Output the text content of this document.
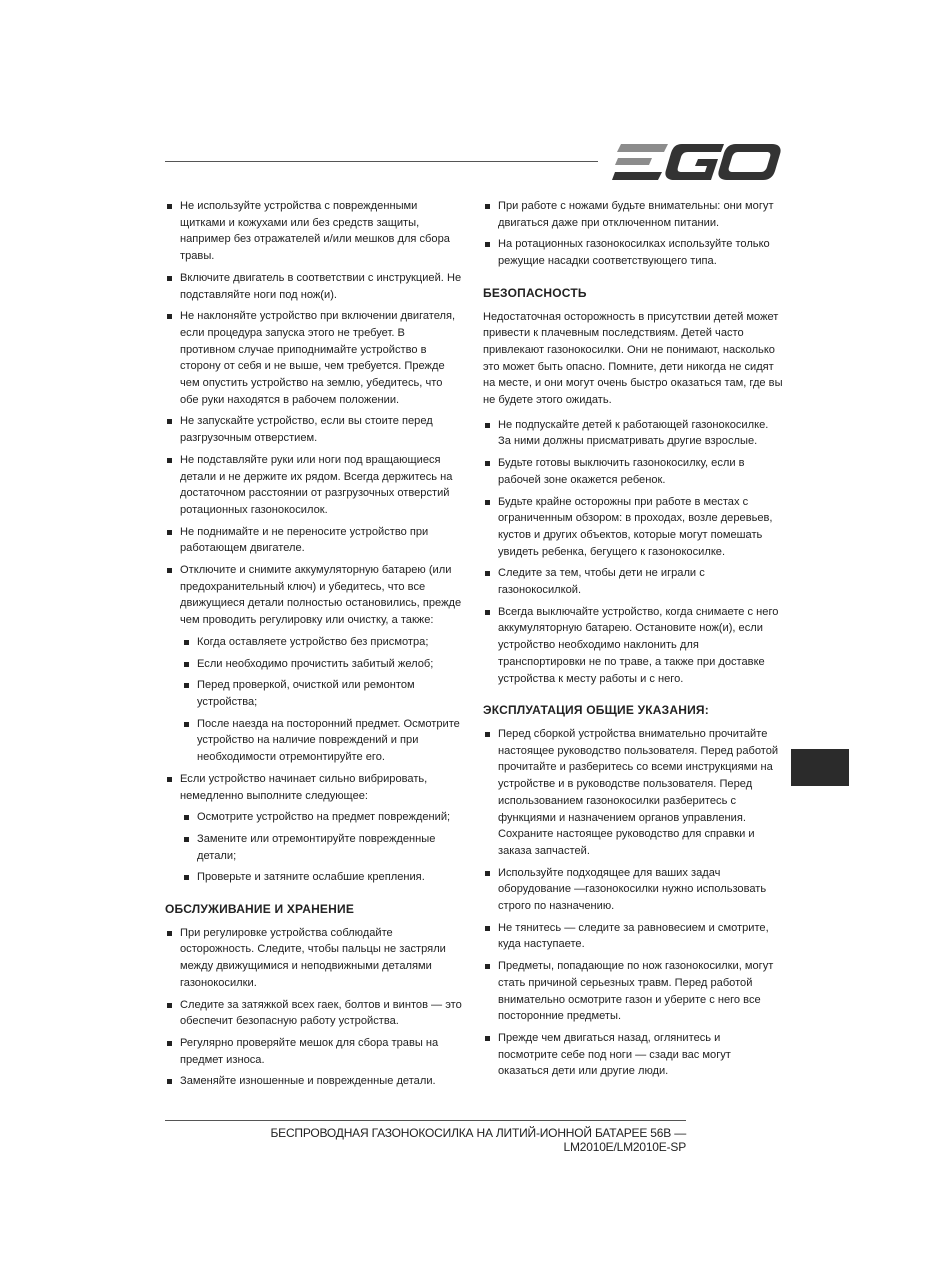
Не используйте устройства с поврежденными щитками и кожухами или без средств защиты, например без отражателей и/или мешков для сбора травы.
Включите двигатель в соответствии с инструкцией. Не подставляйте ноги под нож(и).
Не наклоняйте устройство при включении двигателя, если процедура запуска этого не требует. В противном случае приподнимайте устройство в сторону от себя и не выше, чем требуется. Прежде чем опустить устройство на землю, убедитесь, что обе руки находятся в рабочем положении.
Не запускайте устройство, если вы стоите перед разгрузочным отверстием.
Не подставляйте руки или ноги под вращающиеся детали и не держите их рядом. Всегда держитесь на достаточном расстоянии от разгрузочных отверстий ротационных газонокосилок.
Не поднимайте и не переносите устройство при работающем двигателе.
Отключите и снимите аккумуляторную батарею (или предохранительный ключ) и убедитесь, что все движущиеся детали полностью остановились, прежде чем проводить регулировку или очистку, а также:
Когда оставляете устройство без присмотра;
Если необходимо прочистить забитый желоб;
Перед проверкой, очисткой или ремонтом устройства;
После наезда на посторонний предмет. Осмотрите устройство на наличие повреждений и при необходимости отремонтируйте его.
Если устройство начинает сильно вибрировать, немедленно выполните следующее:
Осмотрите устройство на предмет повреждений;
Замените или отремонтируйте поврежденные детали;
Проверьте и затяните ослабшие крепления.
ОБСЛУЖИВАНИЕ И ХРАНЕНИЕ
При регулировке устройства соблюдайте осторожность. Следите, чтобы пальцы не застряли между движущимися и неподвижными деталями газонокосилки.
Следите за затяжкой всех гаек, болтов и винтов — это обеспечит безопасную работу устройства.
Регулярно проверяйте мешок для сбора травы на предмет износа.
Заменяйте изношенные и поврежденные детали.
При работе с ножами будьте внимательны: они могут двигаться даже при отключенном питании.
На ротационных газонокосилках используйте только режущие насадки соответствующего типа.
БЕЗОПАСНОСТЬ

Недостаточная осторожность в присутствии детей может привести к плачевным последствиям. Детей часто привлекают газонокосилки. Они не понимают, насколько это может быть опасно. Помните, дети никогда не сидят на месте, и они могут очень быстро оказаться там, где вы не будете этого ожидать.

Не подпускайте детей к работающей газонокосилке. За ними должны присматривать другие взрослые.
Будьте готовы выключить газонокосилку, если в рабочей зоне окажется ребенок.
Будьте крайне осторожны при работе в местах с ограниченным обзором: в проходах, возле деревьев, кустов и других объектов, которые могут помешать увидеть ребенка, бегущего к газонокосилке.
Следите за тем, чтобы дети не играли с газонокосилкой.
Всегда выключайте устройство, когда снимаете с него аккумуляторную батарею. Остановите нож(и), если устройство необходимо наклонить для транспортировки не по траве, а также при доставке устройства к месту работы и с него.
ЭКСПЛУАТАЦИЯ ОБЩИЕ УКАЗАНИЯ:
Перед сборкой устройства внимательно прочитайте настоящее руководство пользователя. Перед работой прочитайте и разберитесь со всеми инструкциями на устройстве и в руководстве пользователя. Перед использованием газонокосилки разберитесь с функциями и назначением органов управления. Сохраните настоящее руководство для справки и заказа запчастей.
Используйте подходящее для ваших задач оборудование —газонокосилки нужно использовать строго по назначению.
Не тянитесь — следите за равновесием и смотрите, куда наступаете.
Предметы, попадающие по нож газонокосилки, могут стать причиной серьезных травм. Перед работой внимательно осмотрите газон и уберите с него все посторонние предметы.
Прежде чем двигаться назад, оглянитесь и посмотрите себе под ноги — сзади вас могут оказаться дети или другие люди.
БЕСПРОВОДНАЯ ГАЗОНОКОСИЛКА НА ЛИТИЙ-ИОННОЙ БАТАРЕЕ 56В — LM2010E/LM2010E-SP
